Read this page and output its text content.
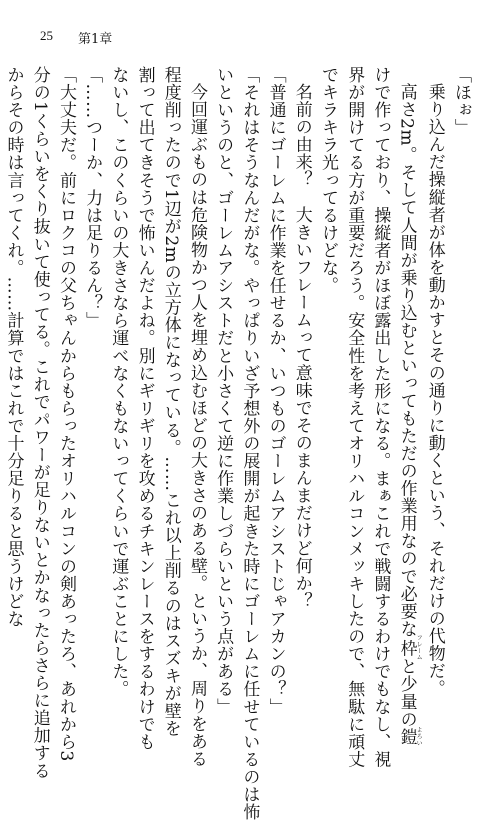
25 第1章
「ほぉ」
乗り込んだ操縦者が体を動かすとその通りに動くという、それだけの代物だ。
高さ2m。そして人間が乗り込むといってもただの作業用なので必要な枠フレームと少量の鎧よろい
けで作っており、操縦者がほぼ露出した形になる。まぁこれで戦闘するわけでもなし、視
界が開けてる方が重要だろう。安全性を考えてオリハルコンメッキしたので、無駄に頑丈
でキラキラ光ってるけどな。
名前の由来？　大きいフレームって意味でそのまんまだけど何か？
「普通にゴーレムに作業を任せるか、いつものゴーレムアシストじゃアカンの？」
「それはそうなんだがな。やっぱりいざ予想外の展開が起きた時にゴーレムに任せているのは怖
いというのと、ゴーレムアシストだと小さくて逆に作業しづらいという点がある」
今回運ぶものは危険物かつ人を埋め込むほどの大きさのある壁。というか、周りをある
程度削ったので1辺が2mの立方体になっている。……これ以上削るのはスズキが壁を
割って出てきそうで怖いんだよね。別にギリギリを攻めるチキンレースをするわけでも
ないし、このくらいの大きさなら運べなくもないってくらいで運ぶことにした。
「……つーか、力は足りるん？」
「大丈夫だ。前にロクコの父ちゃんからもらったオリハルコンの剣あったろ、あれから3
分の1くらいをくり抜いて使ってる。これでパワーが足りないとかなったらさらに追加する
からその時は言ってくれ。……計算ではこれで十分足りると思うけどな
